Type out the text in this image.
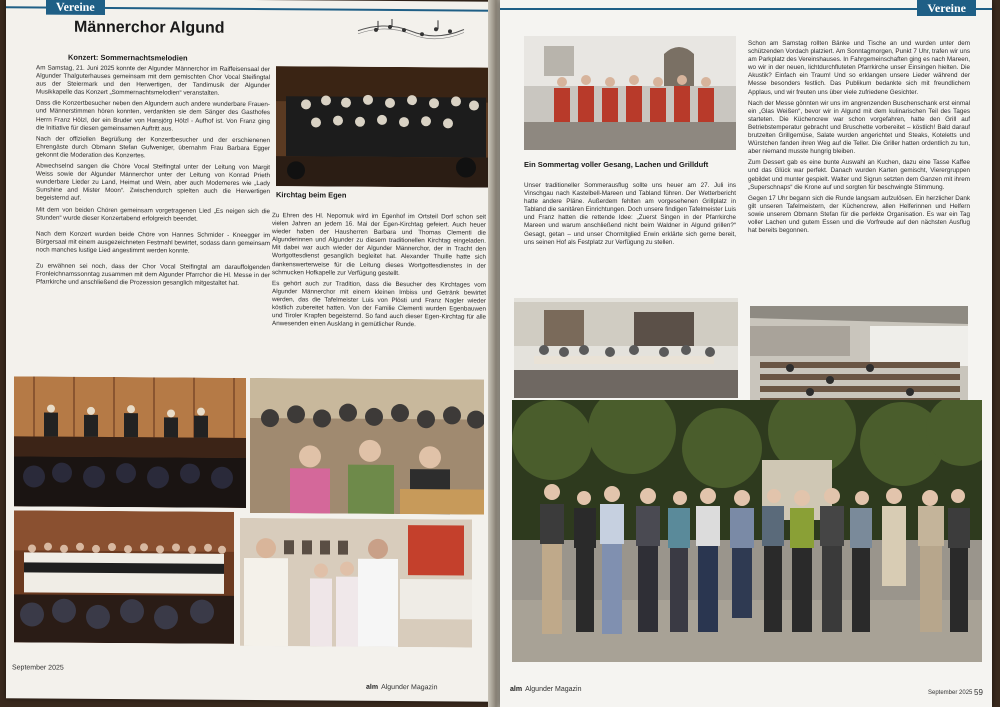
Vereine
Männerchor Algund
Konzert: Sommernachtsmelodien

Am Samstag, 21. Juni 2025 konnte der Algunder Männerchor im Raiffeisensaal der Algunder Thalguterhauses gemeinsam mit dem gemischten Chor Vocal Steifingtal aus der Steiermark und den Herwertigen, der Tandimusik der Algunder Musikkapelle das Konzert „Sommernachtsmelodien“ veranstalten.

Dass die Konzertbesucher neben den Algundern auch andere wunderbare Frauen- und Männerstimmen hören konnten, verdankten sie dem Sänger des Gasthofes Herrn Franz Hölzl, der ein Bruder von Hansjörg Hölzl - Aufhof ist. Von Franz ging die Initiative für diesen gemeinsamen Auftritt aus.

Nach der offiziellen Begrüßung der Konzertbesucher und der erschienenen Ehrengäste durch Obmann Stefan Gufweniger, übernahm Frau Barbara Egger gekonnt die Moderation des Konzertes.

Abwechselnd sangen die Chöre Vocal Steifingtal unter der Leitung von Margit Weiss sowie der Algunder Männerchor unter der Leitung von Konrad Prieth wunderbare Lieder zu Land, Heimat und Wein, aber auch Modemeres wie „Lady Sunshine and Mister Moon“. Zwischendurch spielten auch die Herwertigen begeisternd auf.

Mit dem von beiden Chören gemeinsam vorgetragenen Lied „Es neigen sich die Stunden“ wurde dieser Konzertabend erfolgreich beendet.

Nach dem Konzert wurden beide Chöre von Hannes Schmider - Kneegger im Bürgersaal mit einem ausgezeichneten Festmahl bewirtet, sodass dann gemeinsam noch manches lustige Lied angestimmt werden konnte.

Zu erwähnen sei noch, dass der Chor Vocal Steifingtal am darauffolgenden Fronleichnamssonntag zusammen mit dem Algunder Pfarrchor die Hl. Messe in der Pfarrkirche und anschließend die Prozession gesanglich mitgestaltet hat.

Kirchtag beim Egen

Zu Ehren des Hl. Nepomuk wird im Egenhof im Ortsteil Dorf schon seit vielen Jahren an jedem 16. Mai der Egen-Kirchtag gefeiert. Auch heuer wieder haben der Hausherren Barbara und Thomas Clementi die Algunderinnen und Algunder zu diesem traditionellen Kirchtag eingeladen. Mit dabei war auch wieder der Algunder Männerchor, der in Tracht den Wortgottesdienst gesanglich begleitet hat. Alexander Thuille hatte sich dankenswerterweise für die Leitung dieses Wortgottesdienstes in der schmucken Hofkapelle zur Verfügung gestellt.

Es gehört auch zur Tradition, dass die Besucher des Kirchtages vom Algunder Männerchor mit einem kleinen Imbiss und Getränk bewirtet werden, das die Tafelmeister Luis von Plösti und Franz Nagler wieder köstlich zubereitet hatten. Von der Familie Clementi wurden Egenbauwen und Tiroler Krapfen begeisternd. So fand auch dieser Egen-Kirchtag für alle Anwesenden einen Ausklang in gemütlicher Runde.

September 2025
alm Algunder Magazin
Vereine
Ein Sommertag voller Gesang, Lachen und Grillduft

Unser traditioneller Sommerausflug sollte uns heuer am 27. Juli ins Vinschgau nach Kastelbell-Mareen und Tabland führen. Der Wetterbericht hatte andere Pläne. Außerdem fehlten am vorgesehenen Grillplatz in Tabland die sanitären Einrichtungen. Doch unsere findigen Tafelmeister Luis und Franz hatten die rettende Idee: „Zuerst Singen in der Pfarrkirche Mareen und warum anschließend nicht beim Waldner in Algund grillen?“ Gesagt, getan – und unser Chormitglied Erwin erklärte sich gerne bereit, uns seinen Hof als Festplatz zur Verfügung zu stellen.

Schon am Samstag rollten Bänke und Tische an und wurden unter dem schützenden Vordach platziert. Am Sonntagmorgen, Punkt 7 Uhr, trafen wir uns am Parkplatz des Vereinshauses. In Fahrgemeinschaften ging es nach Mareen, wo wir in der neuen, lichtdurchfluteten Pfarrkirche unser Einsingen hielten. Die Akustik? Einfach ein Traum! Und so erklangen unsere Lieder während der Messe besonders festlich. Das Publikum bedankte sich mit freundlichem Applaus, und wir freuten uns über viele zufriedene Gesichter.

Nach der Messe gönnten wir uns im angrenzenden Buschenschank erst einmal ein „Glas Weißen“, bevor wir in Algund mit dem kulinarischen Teil des Tages starteten. Die Küchencrew war schon vorgefahren, hatte den Grill auf Betriebstemperatur gebracht und Bruschette vorbereitet – köstlich! Bald darauf brutzelten Grillgemüse, Salate wurden angerichtet und Steaks, Koteletts und Würstchen fanden ihren Weg auf die Teller. Die Griller hatten ordentlich zu tun, aber niemand musste hungrig bleiben.

Zum Dessert gab es eine bunte Auswahl an Kuchen, dazu eine Tasse Kaffee und das Glück war perfekt. Danach wurden Karten gemischt, Vierergruppen gebildet und munter gespielt. Walter und Sigrun setzten dem Ganzen mit ihrem „Superschnaps“ die Krone auf und sorgten für beschwingte Stimmung.

Gegen 17 Uhr begann sich die Runde langsam aufzulösen. Ein herzlicher Dank gilt unseren Tafelmeistern, der Küchencrew, allen Helferinnen und Helfern sowie unserem Obmann Stefan für die perfekte Organisation. Es war ein Tag voller Lachen und gutem Essen und die Vorfreude auf den nächsten Ausflug hat bereits begonnen.

alm Algunder Magazin	September 2025 59
